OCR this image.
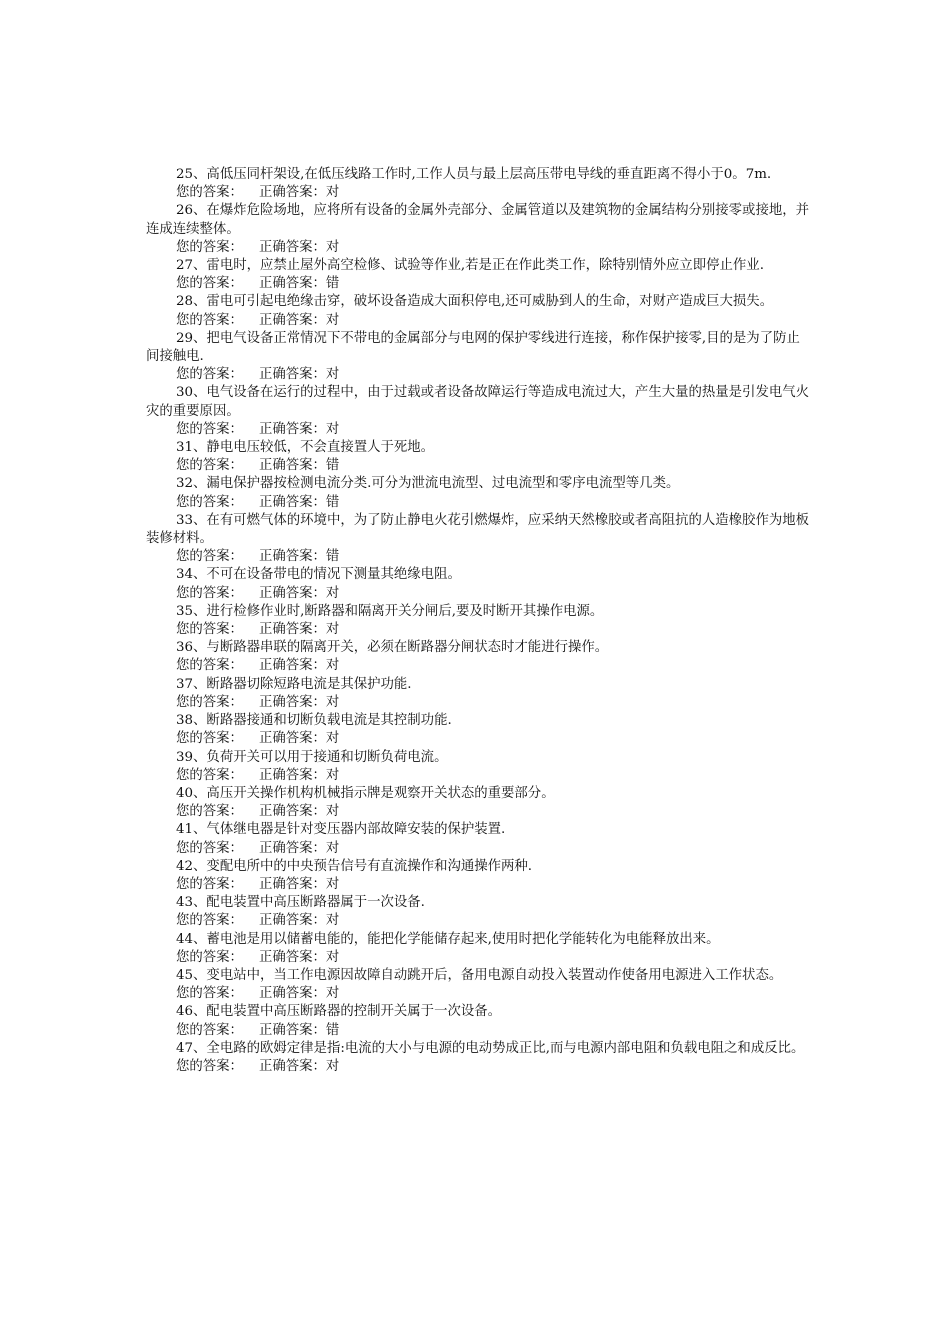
25、高低压同杆架设,在低压线路工作时,工作人员与最上层高压带电导线的垂直距离不得小于0。7m.

您的答案： 正确答案：对

26、在爆炸危险场地，应将所有设备的金属外壳部分、金属管道以及建筑物的金属结构分别接零或接地，并连成连续整体。

您的答案： 正确答案：对

27、雷电时，应禁止屋外高空检修、试验等作业,若是正在作此类工作，除特别情外应立即停止作业.

您的答案： 正确答案：错

28、雷电可引起电绝缘击穿，破坏设备造成大面积停电,还可威胁到人的生命，对财产造成巨大损失。

您的答案： 正确答案：对

29、把电气设备正常情况下不带电的金属部分与电网的保护零线进行连接，称作保护接零,目的是为了防止间接触电.

您的答案： 正确答案：对

30、电气设备在运行的过程中，由于过载或者设备故障运行等造成电流过大，产生大量的热量是引发电气火灾的重要原因。

您的答案： 正确答案：对

31、静电电压较低，不会直接置人于死地。

您的答案： 正确答案：错

32、漏电保护器按检测电流分类.可分为泄流电流型、过电流型和零序电流型等几类。

您的答案： 正确答案：错

33、在有可燃气体的环境中，为了防止静电火花引燃爆炸，应采纳天然橡胶或者高阻抗的人造橡胶作为地板装修材料。

您的答案： 正确答案：错

34、不可在设备带电的情况下测量其绝缘电阻。

您的答案： 正确答案：对

35、进行检修作业时,断路器和隔离开关分闸后,要及时断开其操作电源。

您的答案： 正确答案：对

36、与断路器串联的隔离开关，必须在断路器分闸状态时才能进行操作。

您的答案： 正确答案：对

37、断路器切除短路电流是其保护功能.

您的答案： 正确答案：对

38、断路器接通和切断负载电流是其控制功能.

您的答案： 正确答案：对

39、负荷开关可以用于接通和切断负荷电流。

您的答案： 正确答案：对

40、高压开关操作机构机械指示牌是观察开关状态的重要部分。

您的答案： 正确答案：对

41、气体继电器是针对变压器内部故障安装的保护装置.

您的答案： 正确答案：对

42、变配电所中的中央预告信号有直流操作和沟通操作两种.

您的答案： 正确答案：对

43、配电装置中高压断路器属于一次设备.

您的答案： 正确答案：对

44、蓄电池是用以储蓄电能的，能把化学能储存起来,使用时把化学能转化为电能释放出来。

您的答案： 正确答案：对

45、变电站中，当工作电源因故障自动跳开后，备用电源自动投入装置动作使备用电源进入工作状态。

您的答案： 正确答案：对

46、配电装置中高压断路器的控制开关属于一次设备。

您的答案： 正确答案：错

47、全电路的欧姆定律是指:电流的大小与电源的电动势成正比,而与电源内部电阻和负载电阻之和成反比。

您的答案： 正确答案：对
